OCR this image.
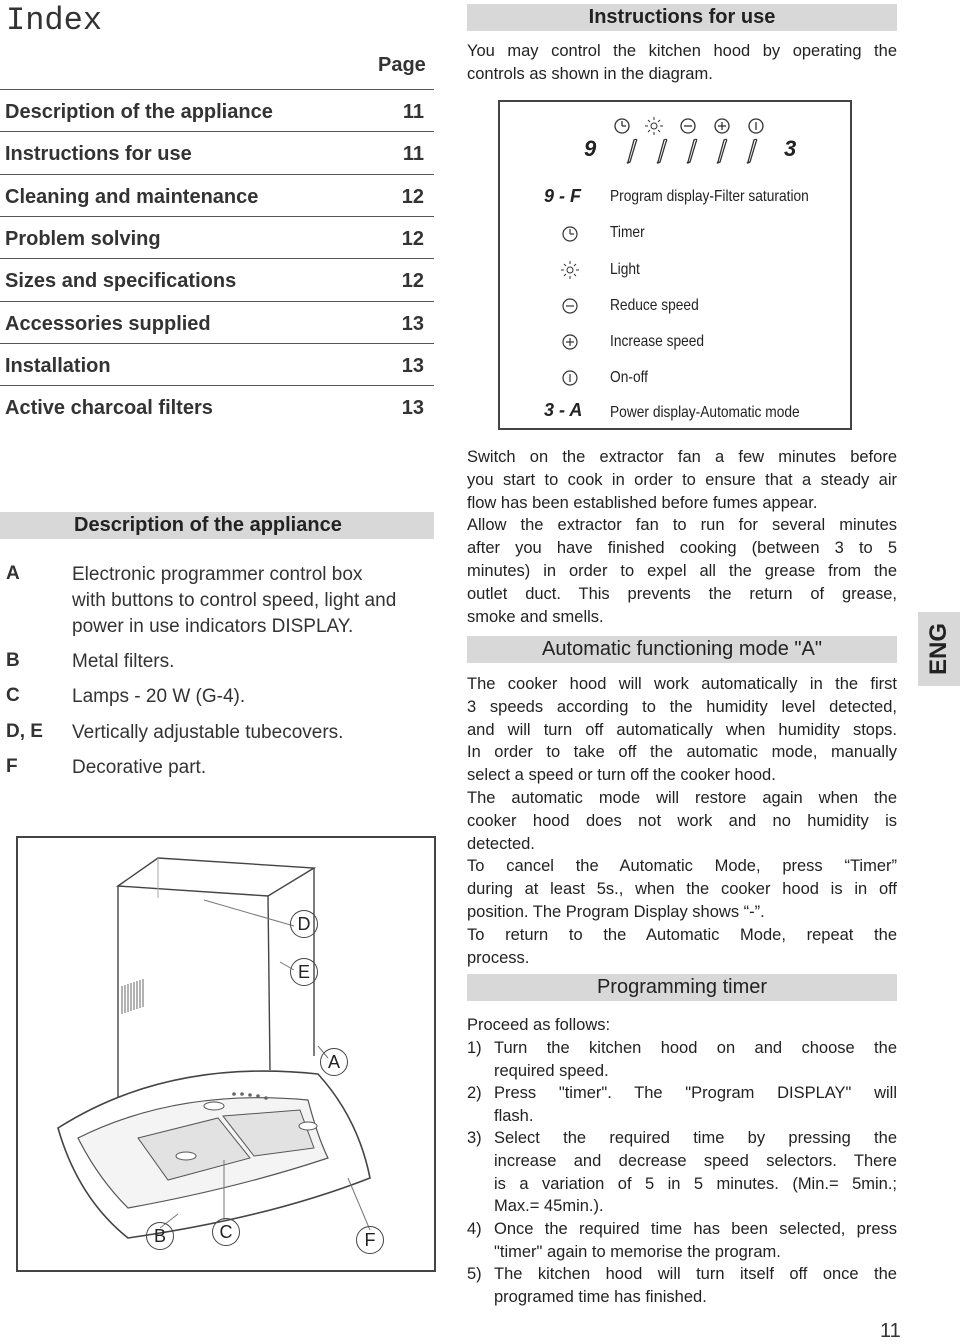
Index
Page
Description of the appliance	11
Instructions for use	11
Cleaning and maintenance	12
Problem solving	12
Sizes and specifications	12
Accessories supplied	13
Installation	13
Active charcoal filters	13
Description of the appliance
A	Electronic programmer control box
with buttons to control speed, light and
power in use indicators DISPLAY.
B	Metal filters.
C	Lamps - 20 W (G-4).
D, E Vertically adjustable tubecovers.
F	Decorative part.
D
E
A
B	C	F
Instructions for use

You may control the kitchen hood by operating the

controls as shown in the diagram.

9	3
9 - F Program display-Filter saturation
Timer
Light
Reduce speed
Increase speed
On-off
3 - A Power display-Automatic mode

Switch on the extractor fan a few minutes before

you start to cook in order to ensure that a steady air

flow has been established before fumes appear.

Allow the extractor fan to run for several minutes

after you have finished cooking (between 3 to 5

minutes) in order to expel all the grease from the

outlet duct. This prevents the return of grease,

smoke and smells.

Automatic functioning mode "A"

The cooker hood will work automatically in the first

3 speeds according to the humidity level detected,

and will turn off automatically when humidity stops.

In order to take off the automatic mode, manually

select a speed or turn off the cooker hood.

The automatic mode will restore again when the

cooker hood does not work and no humidity is

detected.

To cancel the Automatic Mode, press “Timer”

during at least 5s., when the cooker hood is in off

position. The Program Display shows “-”.

To return to the Automatic Mode, repeat the

process.

Programming timer
Proceed as follows:
1) Turn the kitchen hood on and choose the
required speed.
2) Press "timer". The "Program DISPLAY" will
flash.
3) Select the required time by pressing the
increase and decrease speed selectors. There
is a variation of 5 in 5 minutes. (Min.= 5min.;
Max.= 45min.).
4) Once the required time has been selected, press
"timer" again to memorise the program.
5) The kitchen hood will turn itself off once the
programed time has finished.
ENG
11
